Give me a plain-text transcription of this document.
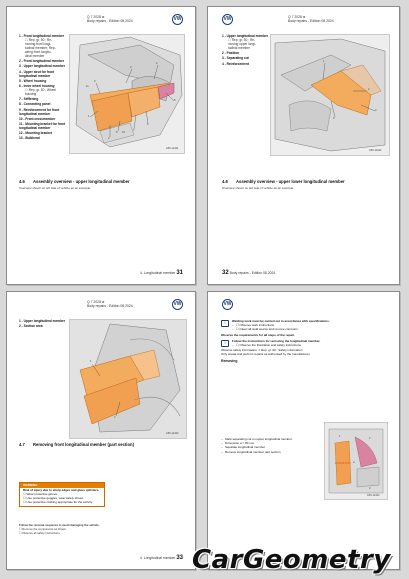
Q 7 2028 ►
Body repairs - Edition 08.2024	VW
1 - Front longitudinal member
☐ Rep. gr. 50 ; Re-
moving front longi-
tudinal member; Rep-
airing front longitu-
dinal member
2 - Front longitudinal member
3 - Upper longitudinal member
4 - Upper strut for front longitudinal member
5 - Wheel housing
6 - Inner wheel housing
☐ Rep. gr. 50 ; Wheel
housing
7 - Stiffening
8 - Connecting panel
9 - Reinforcement for front longitudinal member
10 - Front crossmember
11 - Mounting bracket for front longitudinal member
12 - Mounting bracket
13 - Bulkhead
1
2
3
4
5
6
7
8
9
10
11
A50-11421
4.6 Assembly overview - upper longitudinal member
Overview shown on left side of vehicle as an example.
4. Longitudinal member 31
Q 7 2028 ►
Body repairs - Edition 08.2024
VW
1 - Upper longitudinal member
☐ Rep. gr. 50 ; Re-
moving upper longi-
tudinal member
2 - Position
3 - Separating cut
4 - Reinforcement
1
2
3
4
A50-11422
4.6 Assembly overview - upper lower longitudinal member
Overview shown on left side of vehicle as an example.
32 Body repairs - Edition 08.2024
Q 7 2028 ►
Body repairs - Edition 08.2024	VW
1 - Upper longitudinal member
2 - Section area
1
2
A50-11423
4.7 Removing front longitudinal member (part section)
WARNING
Risk of injury due to sharp edges and glass splinters.
☐ Wear protective gloves.
☐ Use protective goggles, wear safety shoes.
☐ Use protective clothing appropriate for the activity.
Follow the removal sequence to avoid damaging the vehicle.
☐ Remove the components as shown.
☐ Observe all safety instructions.
4. Longitudinal member 33
VW
i	Welding work must be carried out in accordance with specifications.
– ☐ Observe work instructions.
– ☐ Clean all weld seams and remove corrosion.
Observe the requirements for all steps of the repair.
i	Follow the instructions for removing the longitudinal member.
– ☐ Observe the illustration and safety instructions.
Observe safety information ⇒ Rep. gr. 00 ; Safety information
Only create and perform repairs as authorised by the manufacturer.
Removing
– Mark separating cut on upper longitudinal member.
– Dimension a = 80 mm
– Separate longitudinal member.
– Remove longitudinal member part section.
1
2
3
a
A50-11424
CarGeometry
